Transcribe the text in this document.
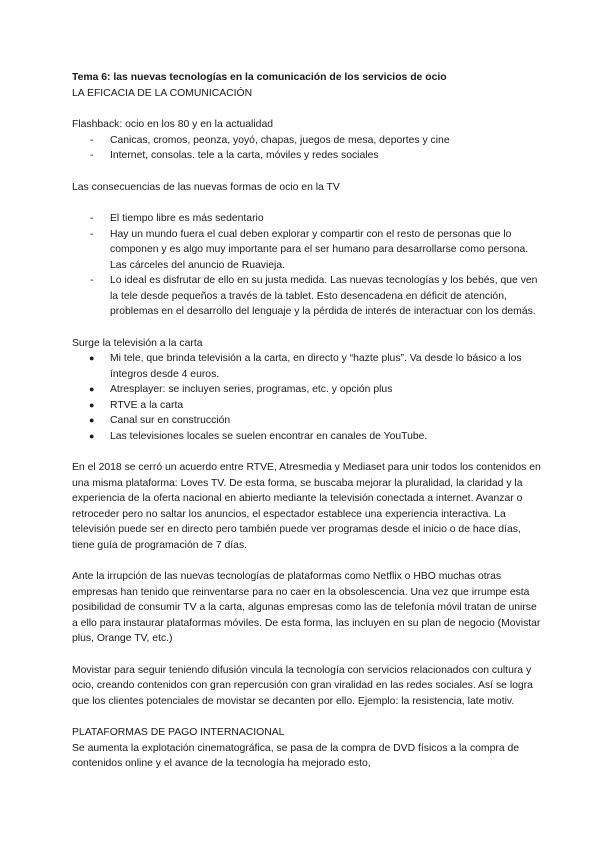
Tema 6: las nuevas tecnologías en la comunicación de los servicios de ocio

LA EFICACIA DE LA COMUNICACIÓN

Flashback: ocio en los 80 y en la actualidad

- Canicas, cromos, peonza, yoyó, chapas, juegos de mesa, deportes y cine
- Internet, consolas. tele a la carta, móviles y redes sociales

Las consecuencias de las nuevas formas de ocio en la TV

- El tiempo libre es más sedentario
- Hay un mundo fuera el cual deben explorar y compartir con el resto de personas que lo componen y es algo muy importante para el ser humano para desarrollarse como persona. Las cárceles del anuncio de Ruavieja.
- Lo ideal es disfrutar de ello en su justa medida. Las nuevas tecnologías y los bebés, que ven la tele desde pequeños a través de la tablet. Esto desencadena en déficit de atención, problemas en el desarrollo del lenguaje y la pérdida de interés de interactuar con los demás.

Surge la televisión a la carta

● Mi tele, que brinda televisión a la carta, en directo y “hazte plus”. Va desde lo básico a los íntegros desde 4 euros.
● Atresplayer: se incluyen series, programas, etc. y opción plus
● RTVE a la carta
● Canal sur en construcción
● Las televisiones locales se suelen encontrar en canales de YouTube.

En el 2018 se cerró un acuerdo entre RTVE, Atresmedia y Mediaset para unir todos los contenidos en una misma plataforma: Loves TV. De esta forma, se buscaba mejorar la pluralidad, la claridad y la experiencia de la oferta nacional en abierto mediante la televisión conectada a internet. Avanzar o retroceder pero no saltar los anuncios, el espectador establece una experiencia interactiva. La televisión puede ser en directo pero también puede ver programas desde el inicio o de hace días, tiene guía de programación de 7 días.

Ante la irrupción de las nuevas tecnologías de plataformas como Netflix o HBO muchas otras empresas han tenido que reinventarse para no caer en la obsolescencia. Una vez que irrumpe esta posibilidad de consumir TV a la carta, algunas empresas como las de telefonía móvil tratan de unirse a ello para instaurar plataformas móviles. De esta forma, las incluyen en su plan de negocio (Movistar plus, Orange TV, etc.)

Movistar para seguir teniendo difusión vincula la tecnología con servicios relacionados con cultura y ocio, creando contenidos con gran repercusión con gran viralidad en las redes sociales. Así se logra que los clientes potenciales de movistar se decanten por ello. Ejemplo: la resistencia, late motiv.

PLATAFORMAS DE PAGO INTERNACIONAL

Se aumenta la explotación cinematográfica, se pasa de la compra de DVD físicos a la compra de contenidos online y el avance de la tecnología ha mejorado esto,
